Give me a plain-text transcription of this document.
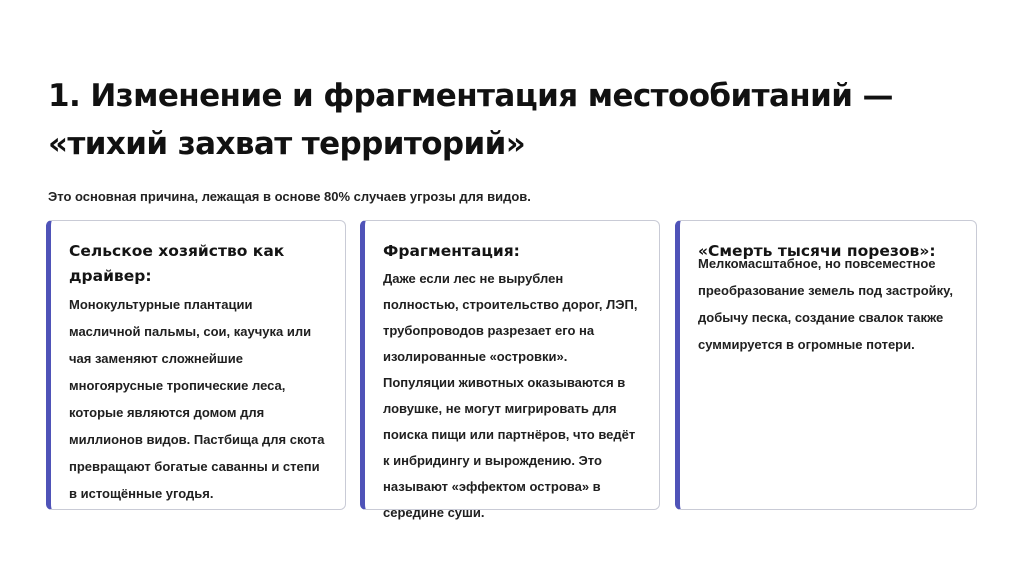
1. Изменение и фрагментация местообитаний — «тихий захват территорий»

Это основная причина, лежащая в основе 80% случаев угрозы для видов.

Сельское хозяйство как драйвер:

Монокультурные плантации масличной пальмы, сои, каучука или чая заменяют сложнейшие многоярусные тропические леса, которые являются домом для миллионов видов. Пастбища для скота превращают богатые саванны и степи в истощённые угодья.

Фрагментация:

Даже если лес не вырублен полностью, строительство дорог, ЛЭП, трубопроводов разрезает его на изолированные «островки». Популяции животных оказываются в ловушке, не могут мигрировать для поиска пищи или партнёров, что ведёт к инбридингу и вырождению. Это называют «эффектом острова» в середине суши.

«Смерть тысячи порезов»:

Мелкомасштабное, но повсеместное преобразование земель под застройку, добычу песка, создание свалок также суммируется в огромные потери.
